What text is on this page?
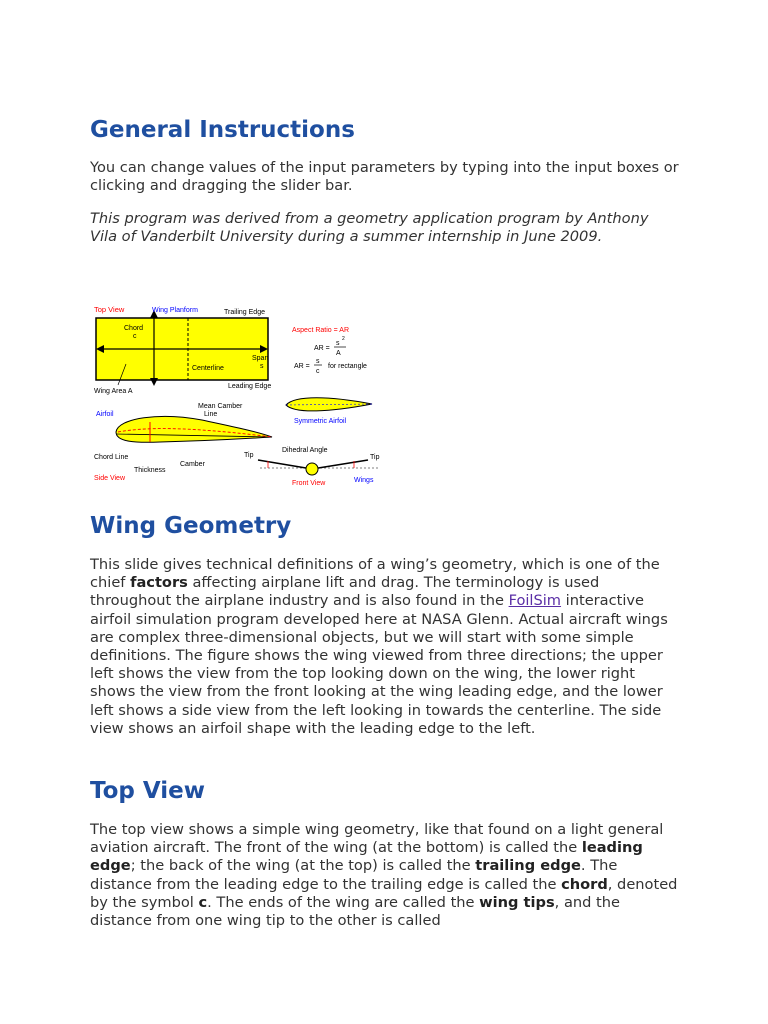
General Instructions

You can change values of the input parameters by typing into the input boxes or clicking and dragging the slider bar.

This program was derived from a geometry application program by Anthony Vila of Vanderbilt University during a summer internship in June 2009.

Top View	Wing Planform	Trailing Edge
Chord
c
Span
s
Centerline
Leading Edge
Wing Area A
Aspect Ratio = AR
AR =
s
2
A
AR =
s
c
for rectangle
Symmetric Airfoil
Airfoil
Mean Camber
Line
Chord Line
Thickness
Camber
Side View
Tip	Tip
Dihedral Angle
Front View	Wings
Wing Geometry

This slide gives technical definitions of a wing’s geometry, which is one of the chief factors affecting airplane lift and drag. The terminology is used throughout the airplane industry and is also found in the FoilSim interactive airfoil simulation program developed here at NASA Glenn. Actual aircraft wings are complex three-dimensional objects, but we will start with some simple definitions. The figure shows the wing viewed from three directions; the upper left shows the view from the top looking down on the wing, the lower right shows the view from the front looking at the wing leading edge, and the lower left shows a side view from the left looking in towards the centerline. The side view shows an airfoil shape with the leading edge to the left.

Top View

The top view shows a simple wing geometry, like that found on a light general aviation aircraft. The front of the wing (at the bottom) is called the leading edge; the back of the wing (at the top) is called the trailing edge. The distance from the leading edge to the trailing edge is called the chord, denoted by the symbol c. The ends of the wing are called the wing tips, and the distance from one wing tip to the other is called
